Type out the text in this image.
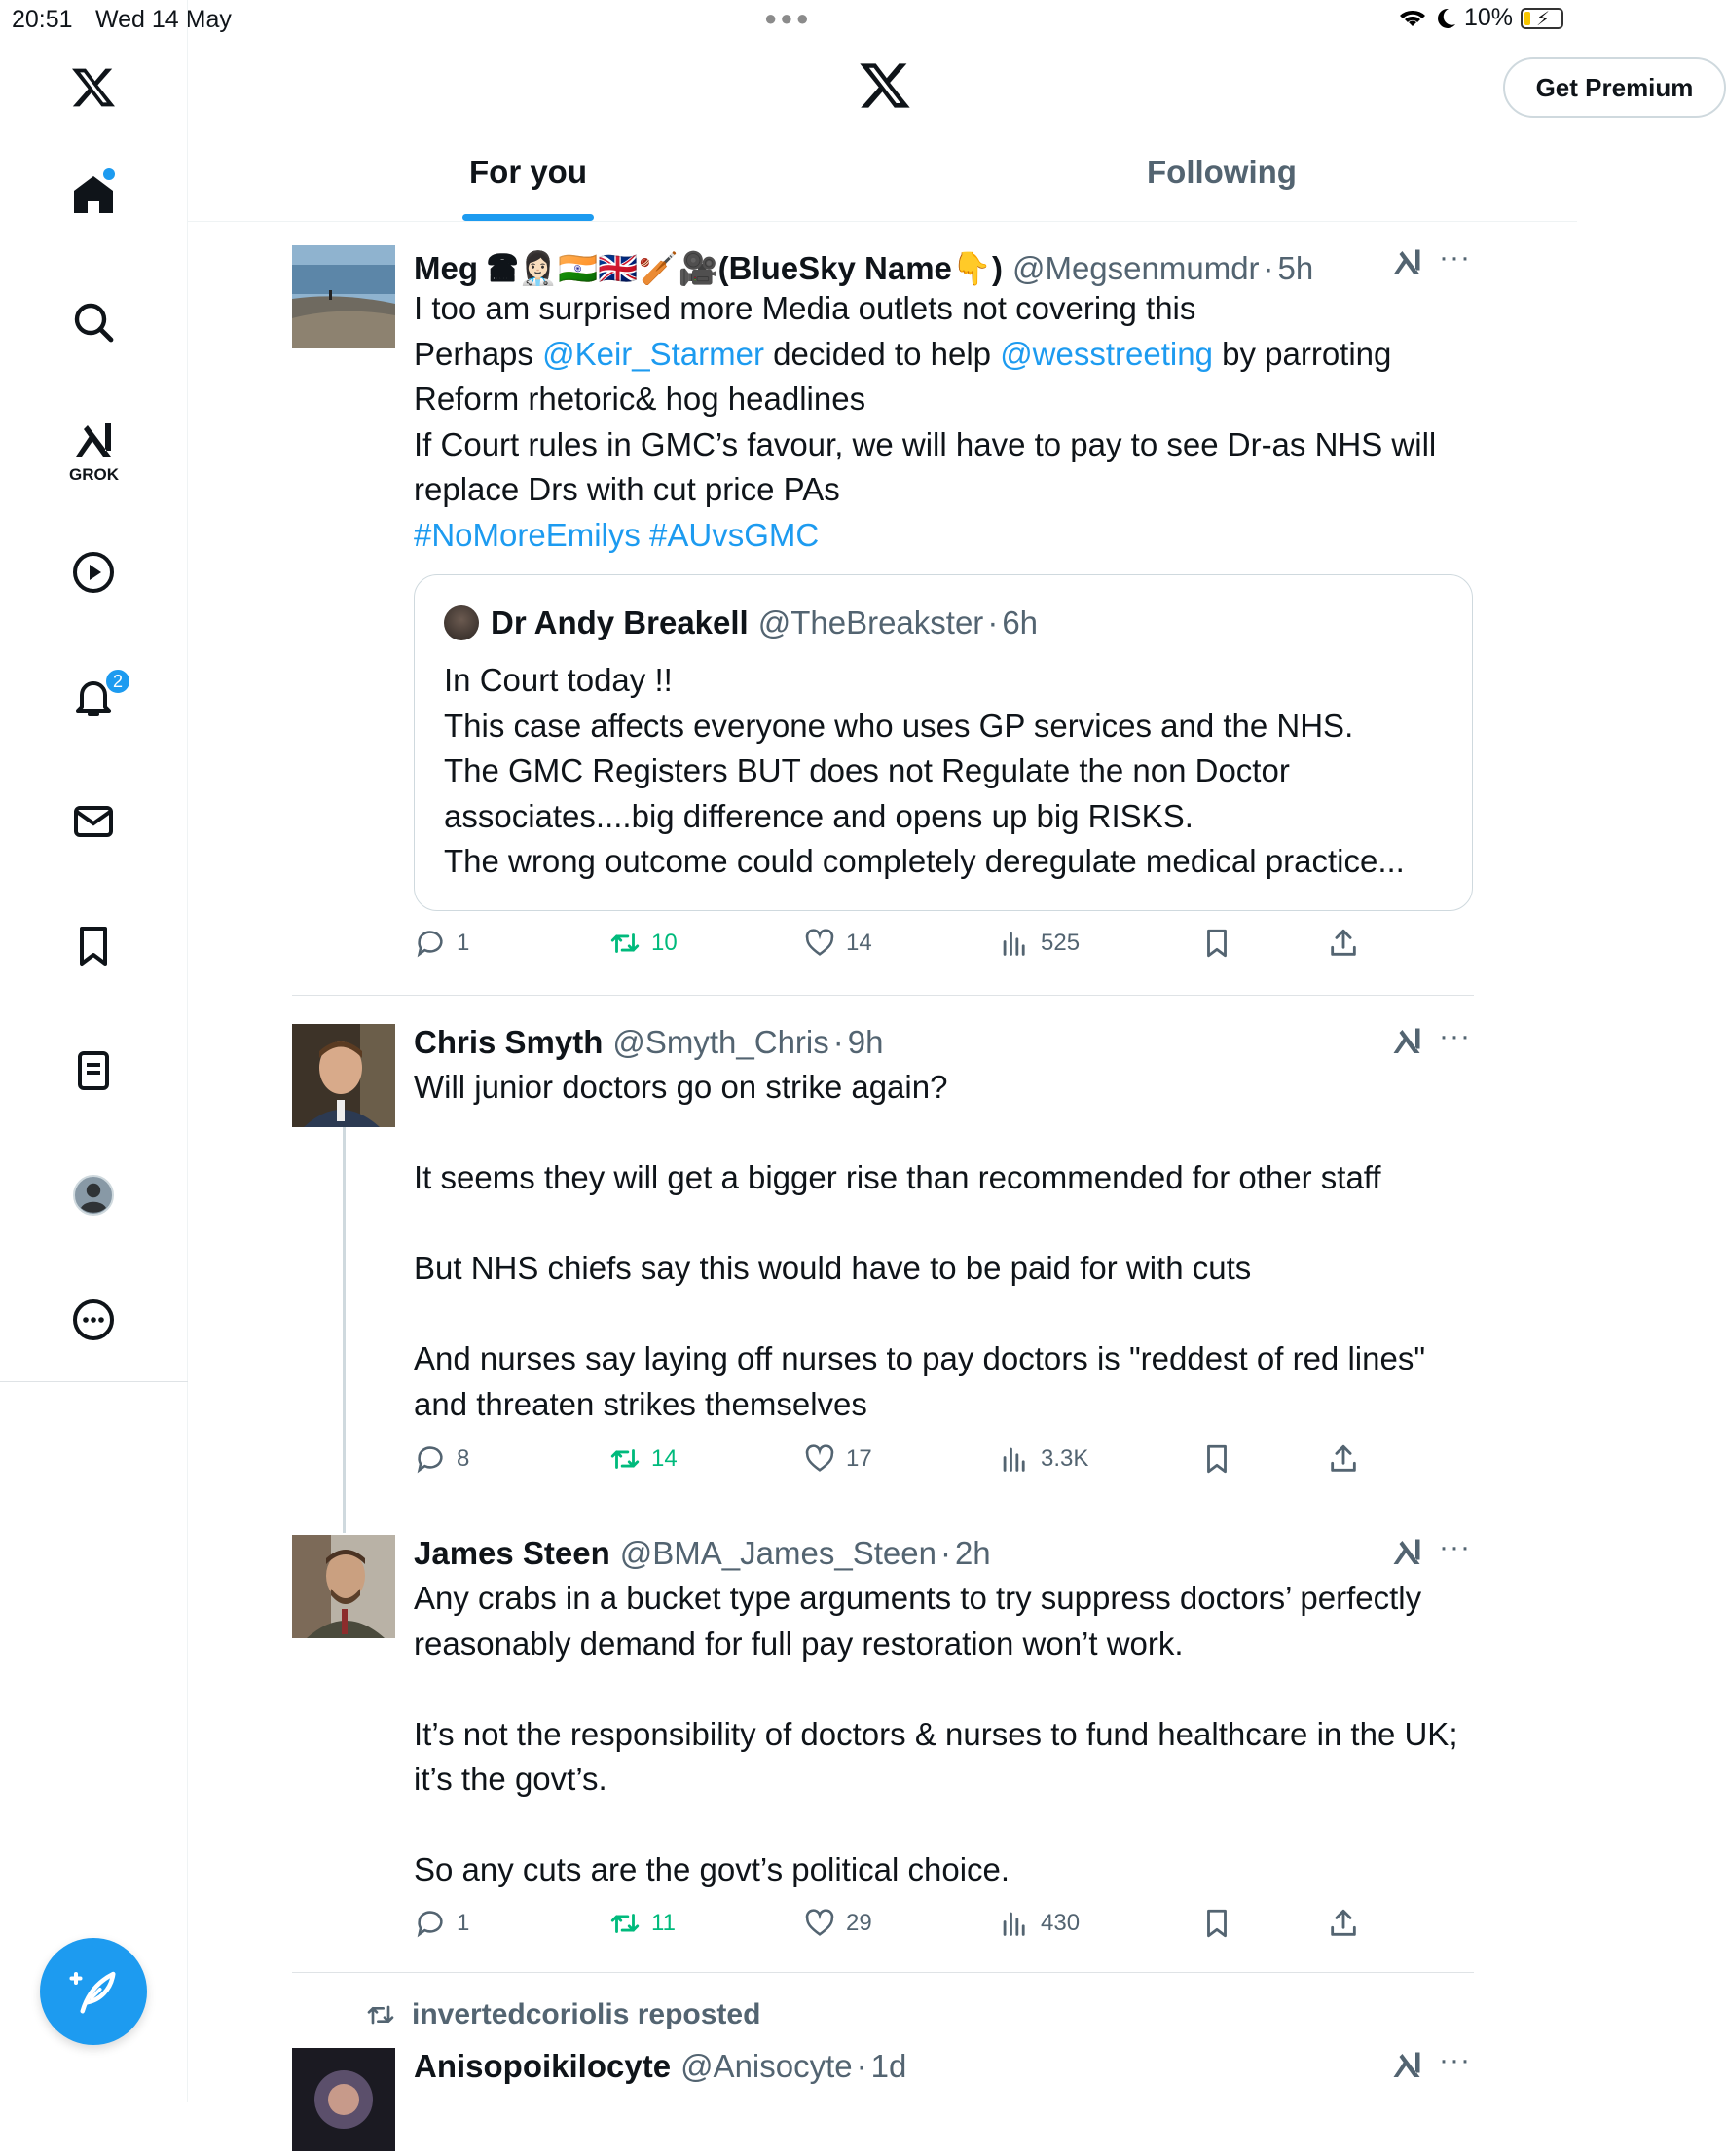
20:51 Wed 14 May	●●●	10% ⚡
GROK
2
Get Premium
For you	Following
Meg 🖀👩🏻‍⚕️🇮🇳🇬🇧🏏🎥(BlueSky Name👇) @Megsenmumdr · 5h	···
I too am surprised more Media outlets not covering this
Perhaps @Keir_Starmer decided to help @wesstreeting by parroting
Reform rhetoric& hog headlines
If Court rules in GMC’s favour, we will have to pay to see Dr-as NHS will replace Drs with cut price PAs
#NoMoreEmilys #AUvsGMC
Dr Andy Breakell @TheBreakster · 6h
In Court today !!
This case affects everyone who uses GP services and the NHS.
The GMC Registers BUT does not Regulate the non Doctor associates....big difference and opens up big RISKS.
The wrong outcome could completely deregulate medical practice...
1	10	14	525
Chris Smyth @Smyth_Chris · 9h	···
Will junior doctors go on strike again?
It seems they will get a bigger rise than recommended for other staff
But NHS chiefs say this would have to be paid for with cuts
And nurses say laying off nurses to pay doctors is "reddest of red lines" and threaten strikes themselves
8	14	17	3.3K
James Steen @BMA_James_Steen · 2h	···
Any crabs in a bucket type arguments to try suppress doctors’ perfectly reasonably demand for full pay restoration won’t work.
It’s not the responsibility of doctors & nurses to fund healthcare in the UK; it’s the govt’s.
So any cuts are the govt’s political choice.
1	11	29	430
invertedcoriolis reposted
Anisopoikilocyte @Anisocyte · 1d	···
